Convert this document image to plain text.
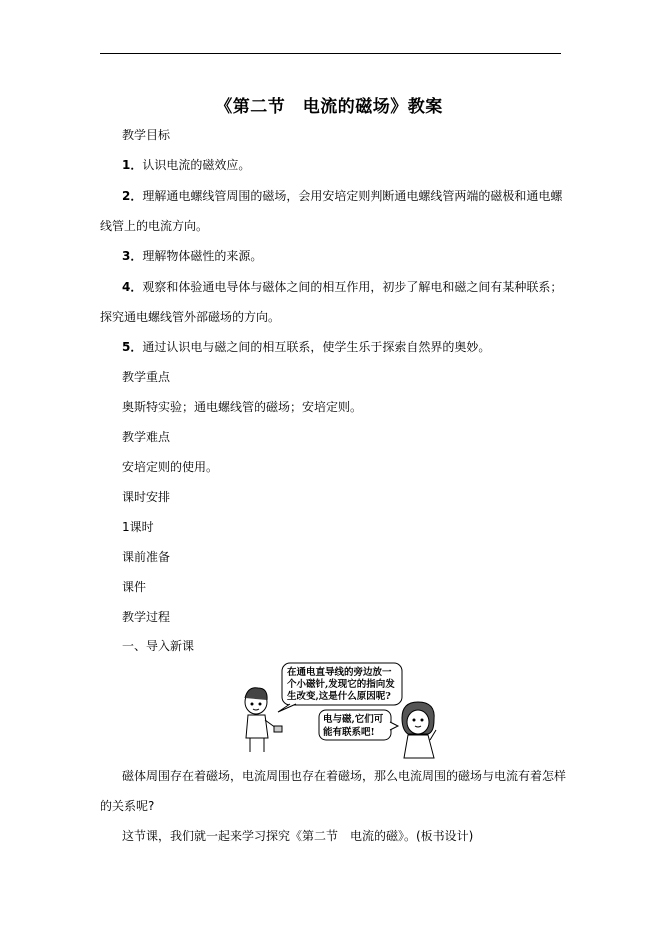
《第二节　电流的磁场》教案
教学目标
1．认识电流的磁效应。
2．理解通电螺线管周围的磁场，会用安培定则判断通电螺线管两端的磁极和通电螺
线管上的电流方向。
3．理解物体磁性的来源。
4．观察和体验通电导体与磁体之间的相互作用，初步了解电和磁之间有某种联系；
探究通电螺线管外部磁场的方向。
5．通过认识电与磁之间的相互联系，使学生乐于探索自然界的奥妙。
教学重点
奥斯特实验；通电螺线管的磁场；安培定则。
教学难点
安培定则的使用。
课时安排
1课时
课前准备
课件
教学过程
一、导入新课
在通电直导线的旁边放一
个小磁针,发现它的指向发
生改变,这是什么原因呢?
电与磁,它们可
能有联系吧!
磁体周围存在着磁场，电流周围也存在着磁场，那么电流周围的磁场与电流有着怎样
的关系呢?
这节课，我们就一起来学习探究《第二节　电流的磁》。(板书设计)
